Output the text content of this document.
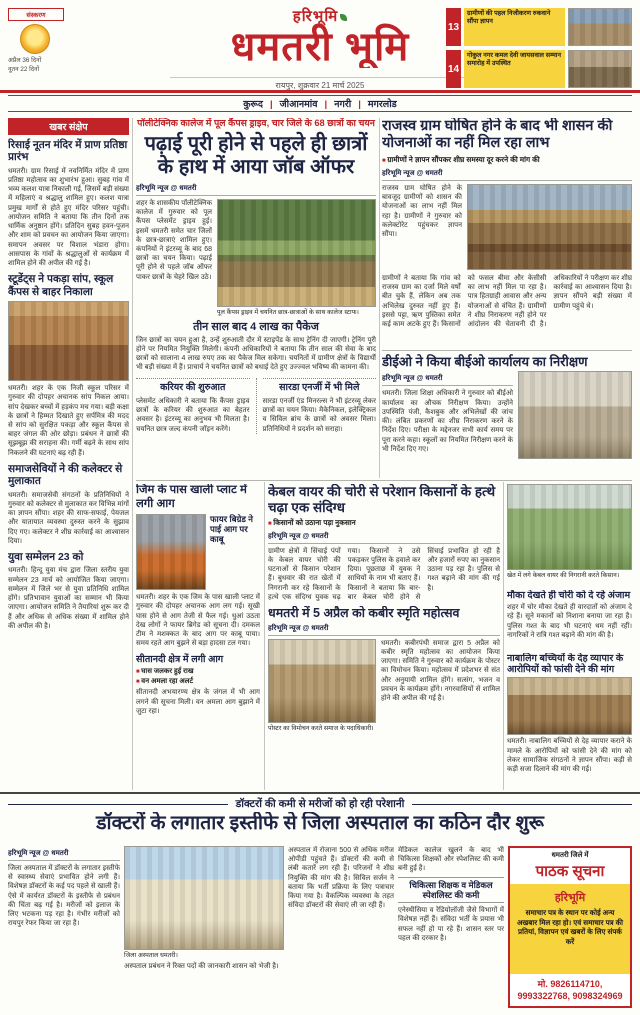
संस्करण
अप्रैल 36 दिनों
नूतन 22 दिनों
हरिभूमि
धमतरी भूमि
रायपुर, शुक्रवार 21 मार्च 2025
13
ग्रामीणों की पहल निजीकरण रुकवाने सौंपा ज्ञापन
14
गोकुल नगर कमल देवी जायसवाल सम्मान समारोह में उपस्थित
कुरूद	| जीआनमांव	| नगरी	| मगरलोड
खबर संक्षेप
रिसाई नूतन मंदिर में प्राण प्रतिष्ठा प्रारंभ
धमतरी। ग्राम रिसाई में नवनिर्मित मंदिर में प्राण प्रतिष्ठा महोत्सव का शुभारंभ हुआ। सुबह गांव में भव्य कलश यात्रा निकाली गई, जिसमें बड़ी संख्या में महिलाएं व श्रद्धालु शामिल हुए। कलश यात्रा प्रमुख मार्गों से होते हुए मंदिर परिसर पहुंची। आयोजन समिति ने बताया कि तीन दिनों तक धार्मिक अनुष्ठान होंगे। प्रतिदिन सुबह हवन-पूजन और शाम को प्रवचन का आयोजन किया जाएगा। समापन अवसर पर विशाल भंडारा होगा। आसपास के गांवों के श्रद्धालुओं से कार्यक्रम में शामिल होने की अपील की गई है।
स्टूडेंट्स ने पकड़ा सांप, स्कूल कैंपस से बाहर निकाला
धमतरी। शहर के एक निजी स्कूल परिसर में गुरुवार की दोपहर अचानक सांप निकल आया। सांप देखकर बच्चों में हड़कंप मच गया। बड़ी कक्षा के छात्रों ने हिम्मत दिखाते हुए सर्पमित्र की मदद से सांप को सुरक्षित पकड़ा और स्कूल कैंपस से बाहर जंगल की ओर छोड़ा। प्रबंधन ने छात्रों की सूझबूझ की सराहना की। गर्मी बढ़ने के साथ सांप निकलने की घटनाएं बढ़ रही हैं।
समाजसेवियों ने की कलेक्टर से मुलाकात
धमतरी। समाजसेवी संगठनों के प्रतिनिधियों ने गुरुवार को कलेक्टर से मुलाकात कर विभिन्न मांगों का ज्ञापन सौंपा। शहर की साफ-सफाई, पेयजल और यातायात व्यवस्था दुरुस्त करने के सुझाव दिए गए। कलेक्टर ने शीघ्र कार्रवाई का आश्वासन दिया।
युवा सम्मेलन 23 को
धमतरी। हिन्दू युवा मंच द्वारा जिला स्तरीय युवा सम्मेलन 23 मार्च को आयोजित किया जाएगा। सम्मेलन में जिले भर से युवा प्रतिनिधि शामिल होंगे। प्रतिभावान युवाओं का सम्मान भी किया जाएगा। आयोजन समिति ने तैयारियां शुरू कर दी हैं और अधिक से अधिक संख्या में शामिल होने की अपील की है।
पॉलीटेक्निक कालेज में पूल कैंपस ड्राइव, चार जिले के 68 छात्रों का चयन
पढ़ाई पूरी होने से पहले ही छात्रों के हाथ में आया जॉब ऑफर
हरिभूमि न्यूज @ धमतरी
शहर के शासकीय पॉलीटेक्निक कालेज में गुरुवार को पूल कैंपस प्लेसमेंट ड्राइव हुई। इसमें धमतरी समेत चार जिलों के छात्र-छात्राएं शामिल हुए। कंपनियों ने इंटरव्यू के बाद 68 छात्रों का चयन किया। पढ़ाई पूरी होने से पहले जॉब ऑफर पाकर छात्रों के चेहरे खिल उठे।
पूल कैंपस ड्राइव में चयनित छात्र-छात्राओं के साथ कालेज स्टाफ।
तीन साल बाद 4 लाख का पैकेज
जिन छात्रों का चयन हुआ है, उन्हें शुरुआती दौर में स्टाइपेंड के साथ ट्रेनिंग दी जाएगी। ट्रेनिंग पूरी होने पर नियमित नियुक्ति मिलेगी। कंपनी अधिकारियों ने बताया कि तीन साल की सेवा के बाद छात्रों को सालाना 4 लाख रुपए तक का पैकेज मिल सकेगा। चयनितों में ग्रामीण क्षेत्रों के विद्यार्थी भी बड़ी संख्या में हैं। प्राचार्य ने चयनित छात्रों को बधाई देते हुए उज्ज्वल भविष्य की कामना की।
करियर की शुरुआत
प्लेसमेंट अधिकारी ने बताया कि कैंपस ड्राइव छात्रों के करियर की शुरुआत का बेहतर अवसर है। इंटरव्यू का अनुभव भी मिलता है। चयनित छात्र जल्द कंपनी जॉइन करेंगे।
सारडा एनर्जी में भी मिले
सारडा एनर्जी एंड मिनरल्स ने भी इंटरव्यू लेकर छात्रों का चयन किया। मैकेनिकल, इलेक्ट्रिकल व सिविल ब्रांच के छात्रों को अवसर मिला। प्रतिनिधियों ने प्रदर्शन को सराहा।
राजस्व ग्राम घोषित होने के बाद भी शासन की योजनाओं का नहीं मिल रहा लाभ
■ ग्रामीणों ने ज्ञापन सौंपकर शीघ्र समस्या दूर करने की मांग की
हरिभूमि न्यूज @ धमतरी
राजस्व ग्राम घोषित होने के बावजूद ग्रामीणों को शासन की योजनाओं का लाभ नहीं मिल रहा है। ग्रामीणों ने गुरुवार को कलेक्टोरेट पहुंचकर ज्ञापन सौंपा।
ग्रामीणों ने बताया कि गांव को राजस्व ग्राम का दर्जा मिले वर्षों बीत चुके हैं, लेकिन अब तक अभिलेख दुरुस्त नहीं हुए हैं। इससे पट्टा, ऋण पुस्तिका समेत कई काम अटके हुए हैं। किसानों को फसल बीमा और केसीसी का लाभ नहीं मिल पा रहा है। पात्र हितग्राही आवास और अन्य योजनाओं से वंचित हैं। ग्रामीणों ने शीघ्र निराकरण नहीं होने पर आंदोलन की चेतावनी दी है। अधिकारियों ने परीक्षण कर शीघ्र कार्रवाई का आश्वासन दिया है। ज्ञापन सौंपने बड़ी संख्या में ग्रामीण पहुंचे थे।
डीईओ ने किया बीईओ कार्यालय का निरीक्षण
हरिभूमि न्यूज @ धमतरी
धमतरी। जिला शिक्षा अधिकारी ने गुरुवार को बीईओ कार्यालय का औचक निरीक्षण किया। उन्होंने उपस्थिति पंजी, कैशबुक और अभिलेखों की जांच की। लंबित प्रकरणों का शीघ्र निराकरण करने के निर्देश दिए। परीक्षा के मद्देनजर सभी कार्य समय पर पूरा करने कहा। स्कूलों का नियमित निरीक्षण करने के भी निर्देश दिए गए।
जिम के पास खाली प्लाट में लगी आग
फायर बिग्रेड ने पाई आग पर काबू
धमतरी। शहर के एक जिम के पास खाली प्लाट में गुरुवार की दोपहर अचानक आग लग गई। सूखी घास होने से आग तेजी से फैल गई। धुआं उठता देख लोगों ने फायर ब्रिगेड को सूचना दी। दमकल टीम ने मशक्कत के बाद आग पर काबू पाया। समय रहते आग बुझने से बड़ा हादसा टल गया।
सीतानदी क्षेत्र में लगी आग
■ घास जलकर हुई राख
■ वन अमला रहा अलर्ट
सीतानदी अभयारण्य क्षेत्र के जंगल में भी आग लगने की सूचना मिली। वन अमला आग बुझाने में जुटा रहा।
केबल वायर की चोरी से परेशान किसानों के हत्थे चढ़ा एक संदिग्ध
■ किसानों को उठाना पड़ा नुकसान
हरिभूमि न्यूज @ धमतरी
ग्रामीण क्षेत्रों में सिंचाई पंपों के केबल वायर चोरी की घटनाओं से किसान परेशान हैं। बुधवार की रात खेतों में निगरानी कर रहे किसानों के हत्थे एक संदिग्ध युवक चढ़ गया। किसानों ने उसे पकड़कर पुलिस के हवाले कर दिया। पूछताछ में युवक ने साथियों के नाम भी बताए हैं। किसानों ने बताया कि बार-बार केबल चोरी होने से सिंचाई प्रभावित हो रही है और हजारों रुपए का नुकसान उठाना पड़ रहा है। पुलिस से गश्त बढ़ाने की मांग की गई है।
खेत में लगे केबल वायर की निगरानी करते किसान।
मौका देखते ही चोरी को दे रहे अंजाम
शहर में चोर मौका देखते ही वारदातों को अंजाम दे रहे हैं। सूने मकानों को निशाना बनाया जा रहा है। पुलिस गश्त के बाद भी घटनाएं थम नहीं रहीं। नागरिकों ने रात्रि गश्त बढ़ाने की मांग की है।
नाबालिग बच्चियों के देह व्यापार के आरोपियों को फांसी देने की मांग
धमतरी। नाबालिग बच्चियों से देह व्यापार कराने के मामले के आरोपियों को फांसी देने की मांग को लेकर सामाजिक संगठनों ने ज्ञापन सौंपा। कड़ी से कड़ी सजा दिलाने की मांग की गई।
धमतरी में 5 अप्रैल को कबीर स्मृति महोत्सव
हरिभूमि न्यूज @ धमतरी
पोस्टर का विमोचन करते समाज के पदाधिकारी।
धमतरी। कबीरपंथी समाज द्वारा 5 अप्रैल को कबीर स्मृति महोत्सव का आयोजन किया जाएगा। समिति ने गुरुवार को कार्यक्रम के पोस्टर का विमोचन किया। महोत्सव में प्रदेशभर से संत और अनुयायी शामिल होंगे। सत्संग, भजन व प्रवचन के कार्यक्रम होंगे। नगरवासियों से शामिल होने की अपील की गई है।
डॉक्टरों की कमी से मरीजों को हो रही परेशानी
डॉक्टरों के लगातार इस्तीफे से जिला अस्पताल का कठिन दौर शुरू
हरिभूमि न्यूज @ धमतरी
जिला अस्पताल में डॉक्टरों के लगातार इस्तीफे से स्वास्थ्य सेवाएं प्रभावित होने लगी हैं। विशेषज्ञ डॉक्टरों के कई पद पहले से खाली हैं। ऐसे में कार्यरत डॉक्टरों के इस्तीफे से प्रबंधन की चिंता बढ़ गई है। मरीजों को इलाज के लिए भटकना पड़ रहा है। गंभीर मरीजों को रायपुर रेफर किया जा रहा है।
जिला अस्पताल धमतरी।
अस्पताल प्रबंधन ने रिक्त पदों की जानकारी शासन को भेजी है।
अस्पताल में रोजाना 500 से अधिक मरीज ओपीडी पहुंचते हैं। डॉक्टरों की कमी से लंबी कतारें लग रही हैं। परिजनों ने शीघ्र नियुक्ति की मांग की है। सिविल सर्जन ने बताया कि भर्ती प्रक्रिया के लिए पत्राचार किया गया है। वैकल्पिक व्यवस्था के तहत संविदा डॉक्टरों की सेवाएं ली जा रही हैं।
मेडिकल कालेज खुलने के बाद भी चिकित्सा शिक्षकों और स्पेशलिस्ट की कमी बनी हुई है।
चिकित्सा शिक्षक व मेडिकल स्पेशलिस्ट की कमी
एनेस्थीसिया व रेडियोलॉजी जैसे विभागों में विशेषज्ञ नहीं हैं। संविदा भर्ती के प्रयास भी सफल नहीं हो पा रहे हैं। शासन स्तर पर पहल की दरकार है।
धमतरी जिले में
पाठक सूचना
हरिभूमि
समाचार पत्र के स्थान पर कोई अन्य अखबार मिल रहा हो। एवं समाचार पत्र की प्रतियां, विज्ञापन एवं खबरों के लिए संपर्क करें
मो. 9826114710, 9993322768, 9098324969
